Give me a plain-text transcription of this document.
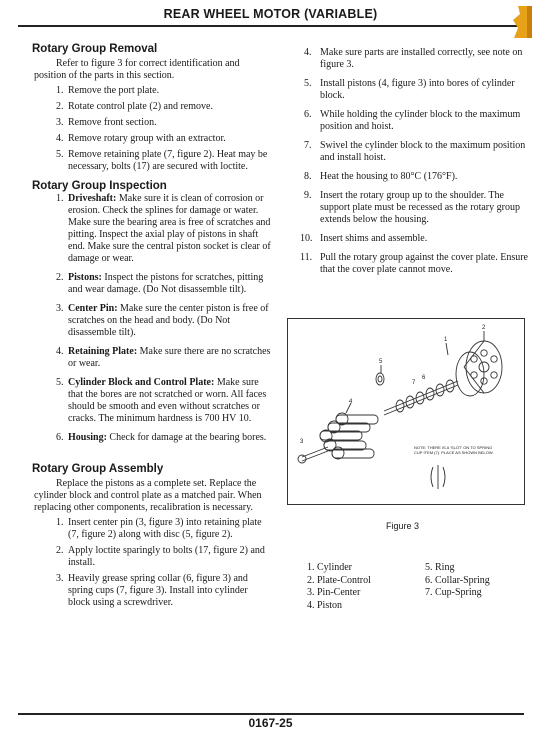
REAR WHEEL MOTOR (VARIABLE)
Rotary Group Removal

Refer to figure 3 for correct identification and position of the parts in this section.

1. Remove the port plate.
2. Rotate control plate (2) and remove.
3. Remove front section.
4. Remove rotary group with an extractor.
5. Remove retaining plate (7, figure 2). Heat may be necessary, bolts (17) are secured with loctite.
Rotary Group Inspection
1. Driveshaft: Make sure it is clean of corrosion or erosion. Check the splines for damage or water. Make sure the bearing area is free of scratches and pitting. Inspect the axial play of pistons in shaft end. Make sure the central piston socket is clear of damage or wear.
2. Pistons: Inspect the pistons for scratches, pitting and wear damage. (Do Not disassemble tilt).
3. Center Pin: Make sure the center piston is free of scratches on the head and body. (Do Not disassemble tilt).
4. Retaining Plate: Make sure there are no scratches or wear.
5. Cylinder Block and Control Plate: Make sure that the bores are not scratched or worn. All faces should be smooth and even without scratches or cracks. The minimum hardness is 700 HV 10.
6. Housing: Check for damage at the bearing bores.
Rotary Group Assembly

Replace the pistons as a complete set. Replace the cylinder block and control plate as a matched pair. When replacing other components, recalibration is necessary.

1. Insert center pin (3, figure 3) into retaining plate (7, figure 2) along with disc (5, figure 2).
2. Apply loctite sparingly to bolts (17, figure 2) and install.
3. Heavily grease spring collar (6, figure 3) and spring cups (7, figure 3). Install into cylinder block using a screwdriver.
4. Make sure parts are installed correctly, see note on figure 3.
5. Install pistons (4, figure 3) into bores of cylinder block.
6. While holding the cylinder block to the maximum position and hoist.
7. Swivel the cylinder block to the maximum position and install hoist.
8. Heat the housing to 80°C (176°F).
9. Insert the rotary group up to the shoulder. The support plate must be recessed as the rotary group extends below the housing.
10. Insert shims and assemble.
11. Pull the rotary group against the cover plate. Ensure that the cover plate cannot move.
2
1
5
7
6
4
3
NOTE: THERE IS A 'SLOT' ON TO SPRING
CUP ITEM (7). PLACE AS SHOWN BELOW.
Figure 3
1. Cylinder
2. Plate-Control
3. Pin-Center
4. Piston
5. Ring
6. Collar-Spring
7. Cup-Spring
0167-25
